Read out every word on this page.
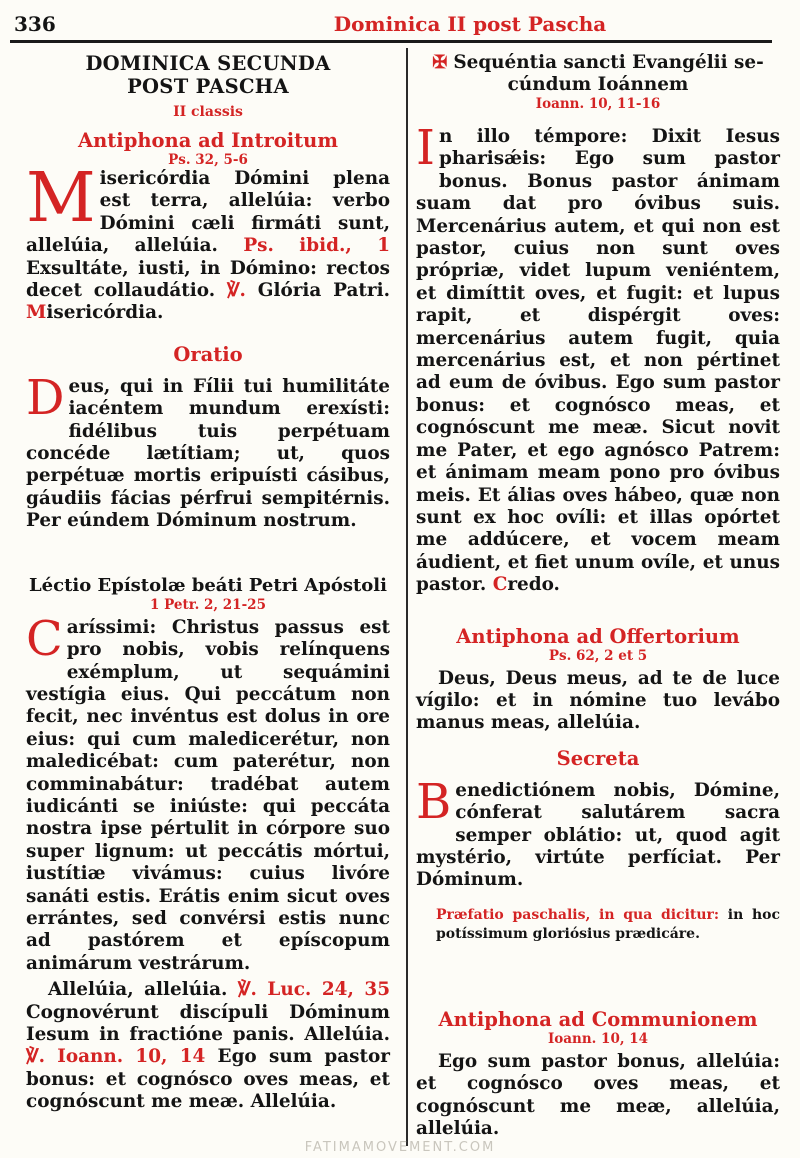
336	Dominica II post Pascha
DOMINICA SECUNDA
POST PASCHA
II classis
Antiphona ad Introitum
Ps. 32, 5-6

Misericórdia Dómini plena est terra, allelúia: verbo Dómini cæli firmáti sunt, allelúia, allelúia. Ps. ibid., 1 Exsultáte, iusti, in Dómino: rectos decet collaudátio. ℣. Glória Patri. Misericórdia.

Oratio

Deus, qui in Fílii tui humilitáte iacéntem mundum erexísti: fidélibus tuis perpétuam concéde lætítiam; ut, quos perpétuæ mortis eripuísti cásibus, gáudiis fácias pérfrui sempitérnis. Per eúndem Dóminum nostrum.

Léctio Epístolæ beáti Petri Apóstoli
1 Petr. 2, 21-25

Caríssimi: Christus passus est pro nobis, vobis relínquens exémplum, ut sequámini vestígia eius. Qui peccátum non fecit, nec invéntus est dolus in ore eius: qui cum maledicerétur, non maledicébat: cum paterétur, non comminabátur: tradébat autem iudicánti se iniúste: qui peccáta nostra ipse pértulit in córpore suo super lignum: ut peccátis mórtui, iustítiæ vivámus: cuius livóre sanáti estis. Erátis enim sicut oves errántes, sed convérsi estis nunc ad pastórem et epíscopum animárum vestrárum.

Allelúia, allelúia. ℣. Luc. 24, 35 Cognovérunt discípuli Dóminum Iesum in fractióne panis. Allelúia. ℣. Ioann. 10, 14 Ego sum pastor bonus: et cognósco oves meas, et cognóscunt me meæ. Allelúia.

✠ Sequéntia sancti Evangélii se-
cúndum Ioánnem
Ioann. 10, 11-16

In illo témpore: Dixit Iesus pharisǽis: Ego sum pastor bonus. Bonus pastor ánimam suam dat pro óvibus suis. Mercenárius autem, et qui non est pastor, cuius non sunt oves própriæ, videt lupum veniéntem, et dimíttit oves, et fugit: et lupus rapit, et dispérgit oves: mercenárius autem fugit, quia mercenárius est, et non pértinet ad eum de óvibus. Ego sum pastor bonus: et cognósco meas, et cognóscunt me meæ. Sicut novit me Pater, et ego agnósco Patrem: et ánimam meam pono pro óvibus meis. Et álias oves hábeo, quæ non sunt ex hoc ovíli: et illas opórtet me addúcere, et vocem meam áudient, et fiet unum ovíle, et unus pastor. Credo.

Antiphona ad Offertorium
Ps. 62, 2 et 5

Deus, Deus meus, ad te de luce vígilo: et in nómine tuo levábo manus meas, allelúia.

Secreta

Benedictiónem nobis, Dómine, cónferat salutárem sacra semper oblátio: ut, quod agit mystério, virtúte perfíciat. Per Dóminum.

Præfatio paschalis, in qua dicitur: in hoc potíssimum gloriósius prædicáre.

Antiphona ad Communionem
Ioann. 10, 14

Ego sum pastor bonus, allelúia: et cognósco oves meas, et cognóscunt me meæ, allelúia, allelúia.

FATIMAMOVEMENT.COM
